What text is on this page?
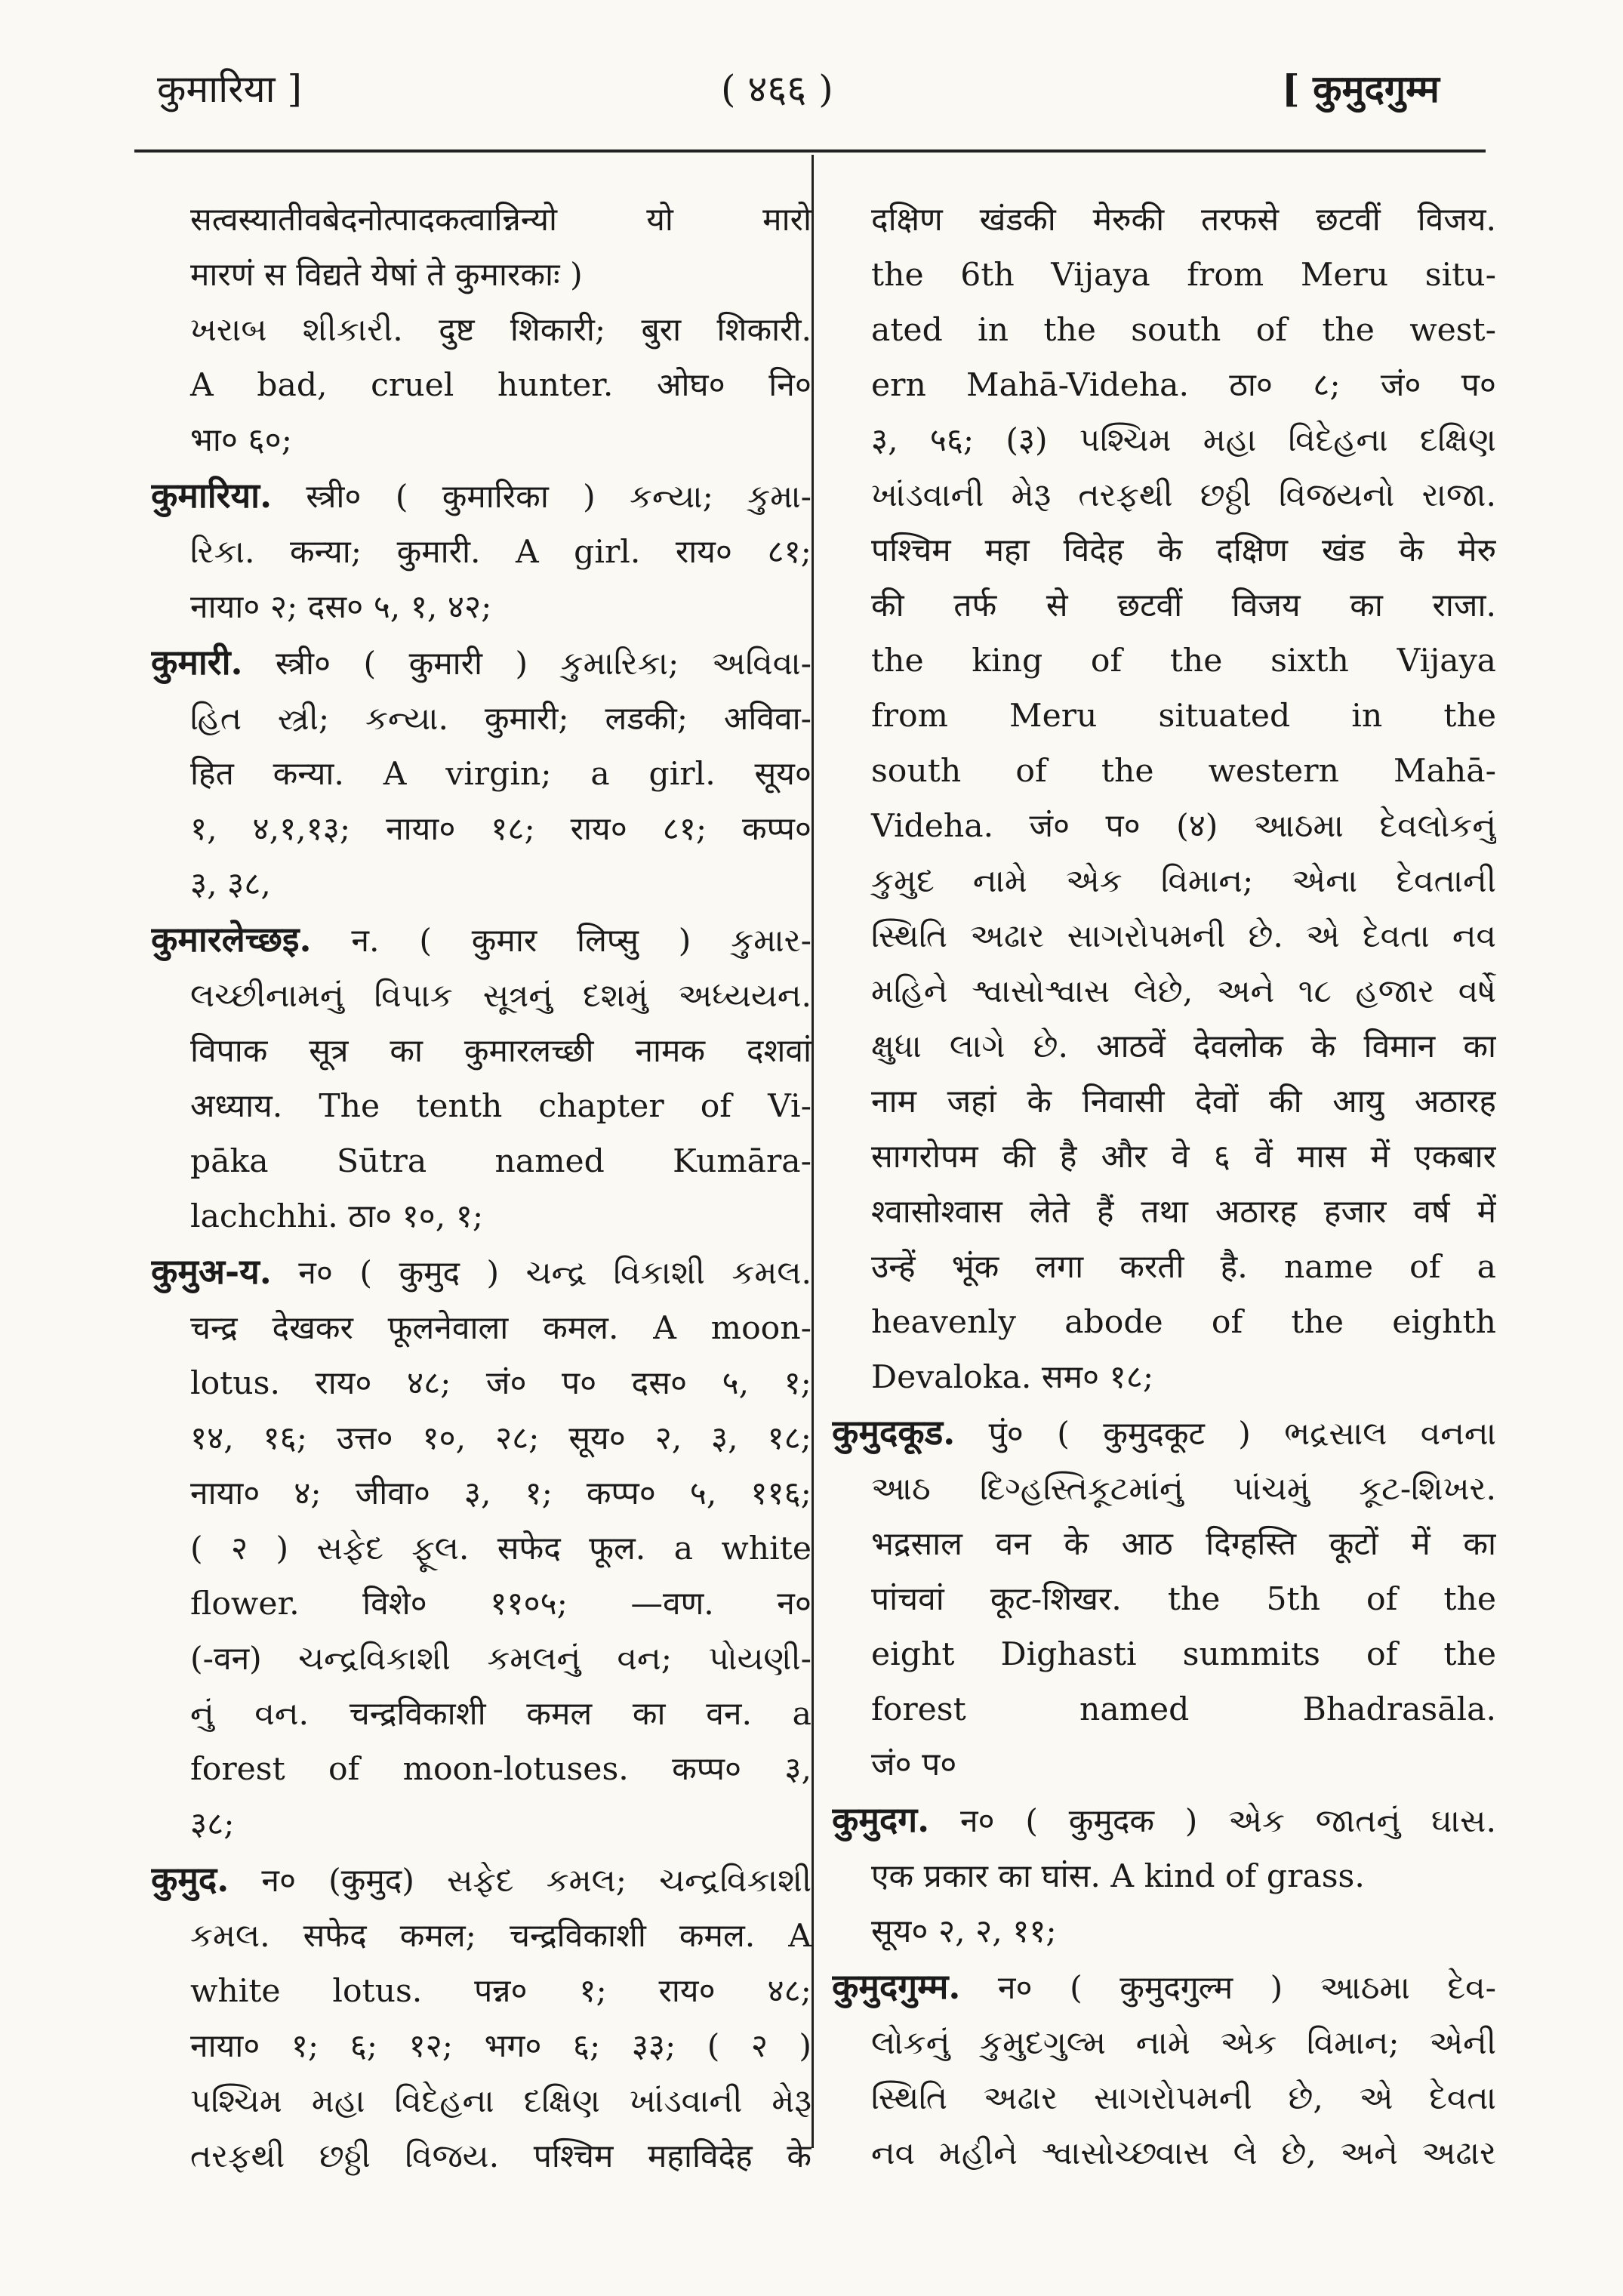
कुमारिया ]	( ४६६ )	[ कुमुदगुम्म
सत्वस्यातीवबेदनोत्पादकत्वान्निन्यो यो मारो
मारणं स विद्यते येषां ते कुमारकाः )
ખરાબ શીકારી. दुष्ट शिकारी; बुरा शिकारी.
A bad, cruel hunter. ओघ० नि०
भा० ६०;
कुमारिया. स्त्री० ( कुमारिका ) કન્યા; કુમા-
રિકા. कन्या; कुमारी. A girl. राय० ८१;
नाया० २; दस० ५, १, ४२;
कुमारी. स्त्री० ( कुमारी ) કુમારિકા; અવિવા-
હિત સ્ત્રી; કન્યા. कुमारी; लडकी; अविवा-
हित कन्या. A virgin; a girl. सूय०
१, ४,१,१३; नाया० १८; राय० ८१; कप्प०
३, ३८,
कुमारलेच्छइ. न. ( कुमार लिप्सु ) કુમાર-
લચ્છીનામનું વિપાક સૂત્રનું દશમું અધ્યયન.
विपाक सूत्र का कुमारलच्छी नामक दशवां
अध्याय. The tenth chapter of Vi-
pāka Sūtra named Kumāra-
lachchhi. ठा० १०, १;
कुमुअ-य. न० ( कुमुद ) ચન્દ્ર વિકાશી કમલ.
चन्द्र देखकर फूलनेवाला कमल. A moon-
lotus. राय० ४८; जं० प० दस० ५, १;
१४, १६; उत्त० १०, २८; सूय० २, ३, १८;
नाया० ४; जीवा० ३, १; कप्प० ५, ११६;
( २ ) સફેદ ફૂલ. सफेद फूल. a white
flower. विशे० ११०५; —वण. न०
(-वन) ચન્દ્રવિકાશી કમલનું વન; પોયણી-
નું વન. चन्द्रविकाशी कमल का वन. a
forest of moon-lotuses. कप्प० ३,
३८;
कुमुद. न० (कुमुद) સફેદ કમલ; ચન્દ્રવિકાશી
કમલ. सफेद कमल; चन्द्रविकाशी कमल. A
white lotus. पन्न० १; राय० ४८;
नाया० १; ६; १२; भग० ६; ३३; ( २ )
પશ્ચિમ મહા વિદેહના દક્ષિણ ખાંડવાની મેરૂ
તરફથી છઠ્ઠી વિજય. पश्चिम महाविदेह के
दक्षिण खंडकी मेरुकी तरफसे छटवीं विजय.
the 6th Vijaya from Meru situ-
ated in the south of the west-
ern Mahā-Videha. ठा० ८; जं० प०
३, ५६; (३) પશ્ચિમ મહા વિદેહના દક્ષિણ
ખાંડવાની મેરૂ તરફથી છઠ્ઠી વિજયનો રાજા.
पश्चिम महा विदेह के दक्षिण खंड के मेरु
की तर्फ से छटवीं विजय का राजा.
the king of the sixth Vijaya
from Meru situated in the
south of the western Mahā-
Videha. जं० प० (४) આઠમા દેવલોકનું
કુમુદ નામે એક વિમાન; એના દેવતાની
સ્થિતિ અઢાર સાગરોપમની છે. એ દેવતા નવ
મહિને શ્વાસોશ્વાસ લેછે, અને ૧૮ હજાર વર્ષે
ક્ષુધા લાગે છે. आठवें देवलोक के विमान का
नाम जहां के निवासी देवों की आयु अठारह
सागरोपम की है और वे ६ वें मास में एकबार
श्वासोश्वास लेते हैं तथा अठारह हजार वर्ष में
उन्हें भूंक लगा करती है. name of a
heavenly abode of the eighth
Devaloka. सम० १८;
कुमुदकूड. पुं० ( कुमुदकूट ) ભદ્રસાલ વનના
આઠ દિગ્હસ્તિકૂટમાંનું પાંચમું કૂટ-શિખર.
भद्रसाल वन के आठ दिग्हस्ति कूटों में का
पांचवां कूट-शिखर. the 5th of the
eight Dighasti summits of the
forest named Bhadrasāla.
जं० प०
कुमुदग. न० ( कुमुदक ) એક જાતનું ઘાસ.
एक प्रकार का घांस. A kind of grass.
सूय० २, २, ११;
कुमुदगुम्म. न० ( कुमुदगुल्म ) આઠમા દેવ-
લોકનું કુમુદગુલ્મ નામે એક વિમાન; એની
સ્થિતિ અઢાર સાગરોપમની છે, એ દેવતા
નવ મહીને શ્વાસોચ્છ્વાસ લે છે, અને અઢાર
